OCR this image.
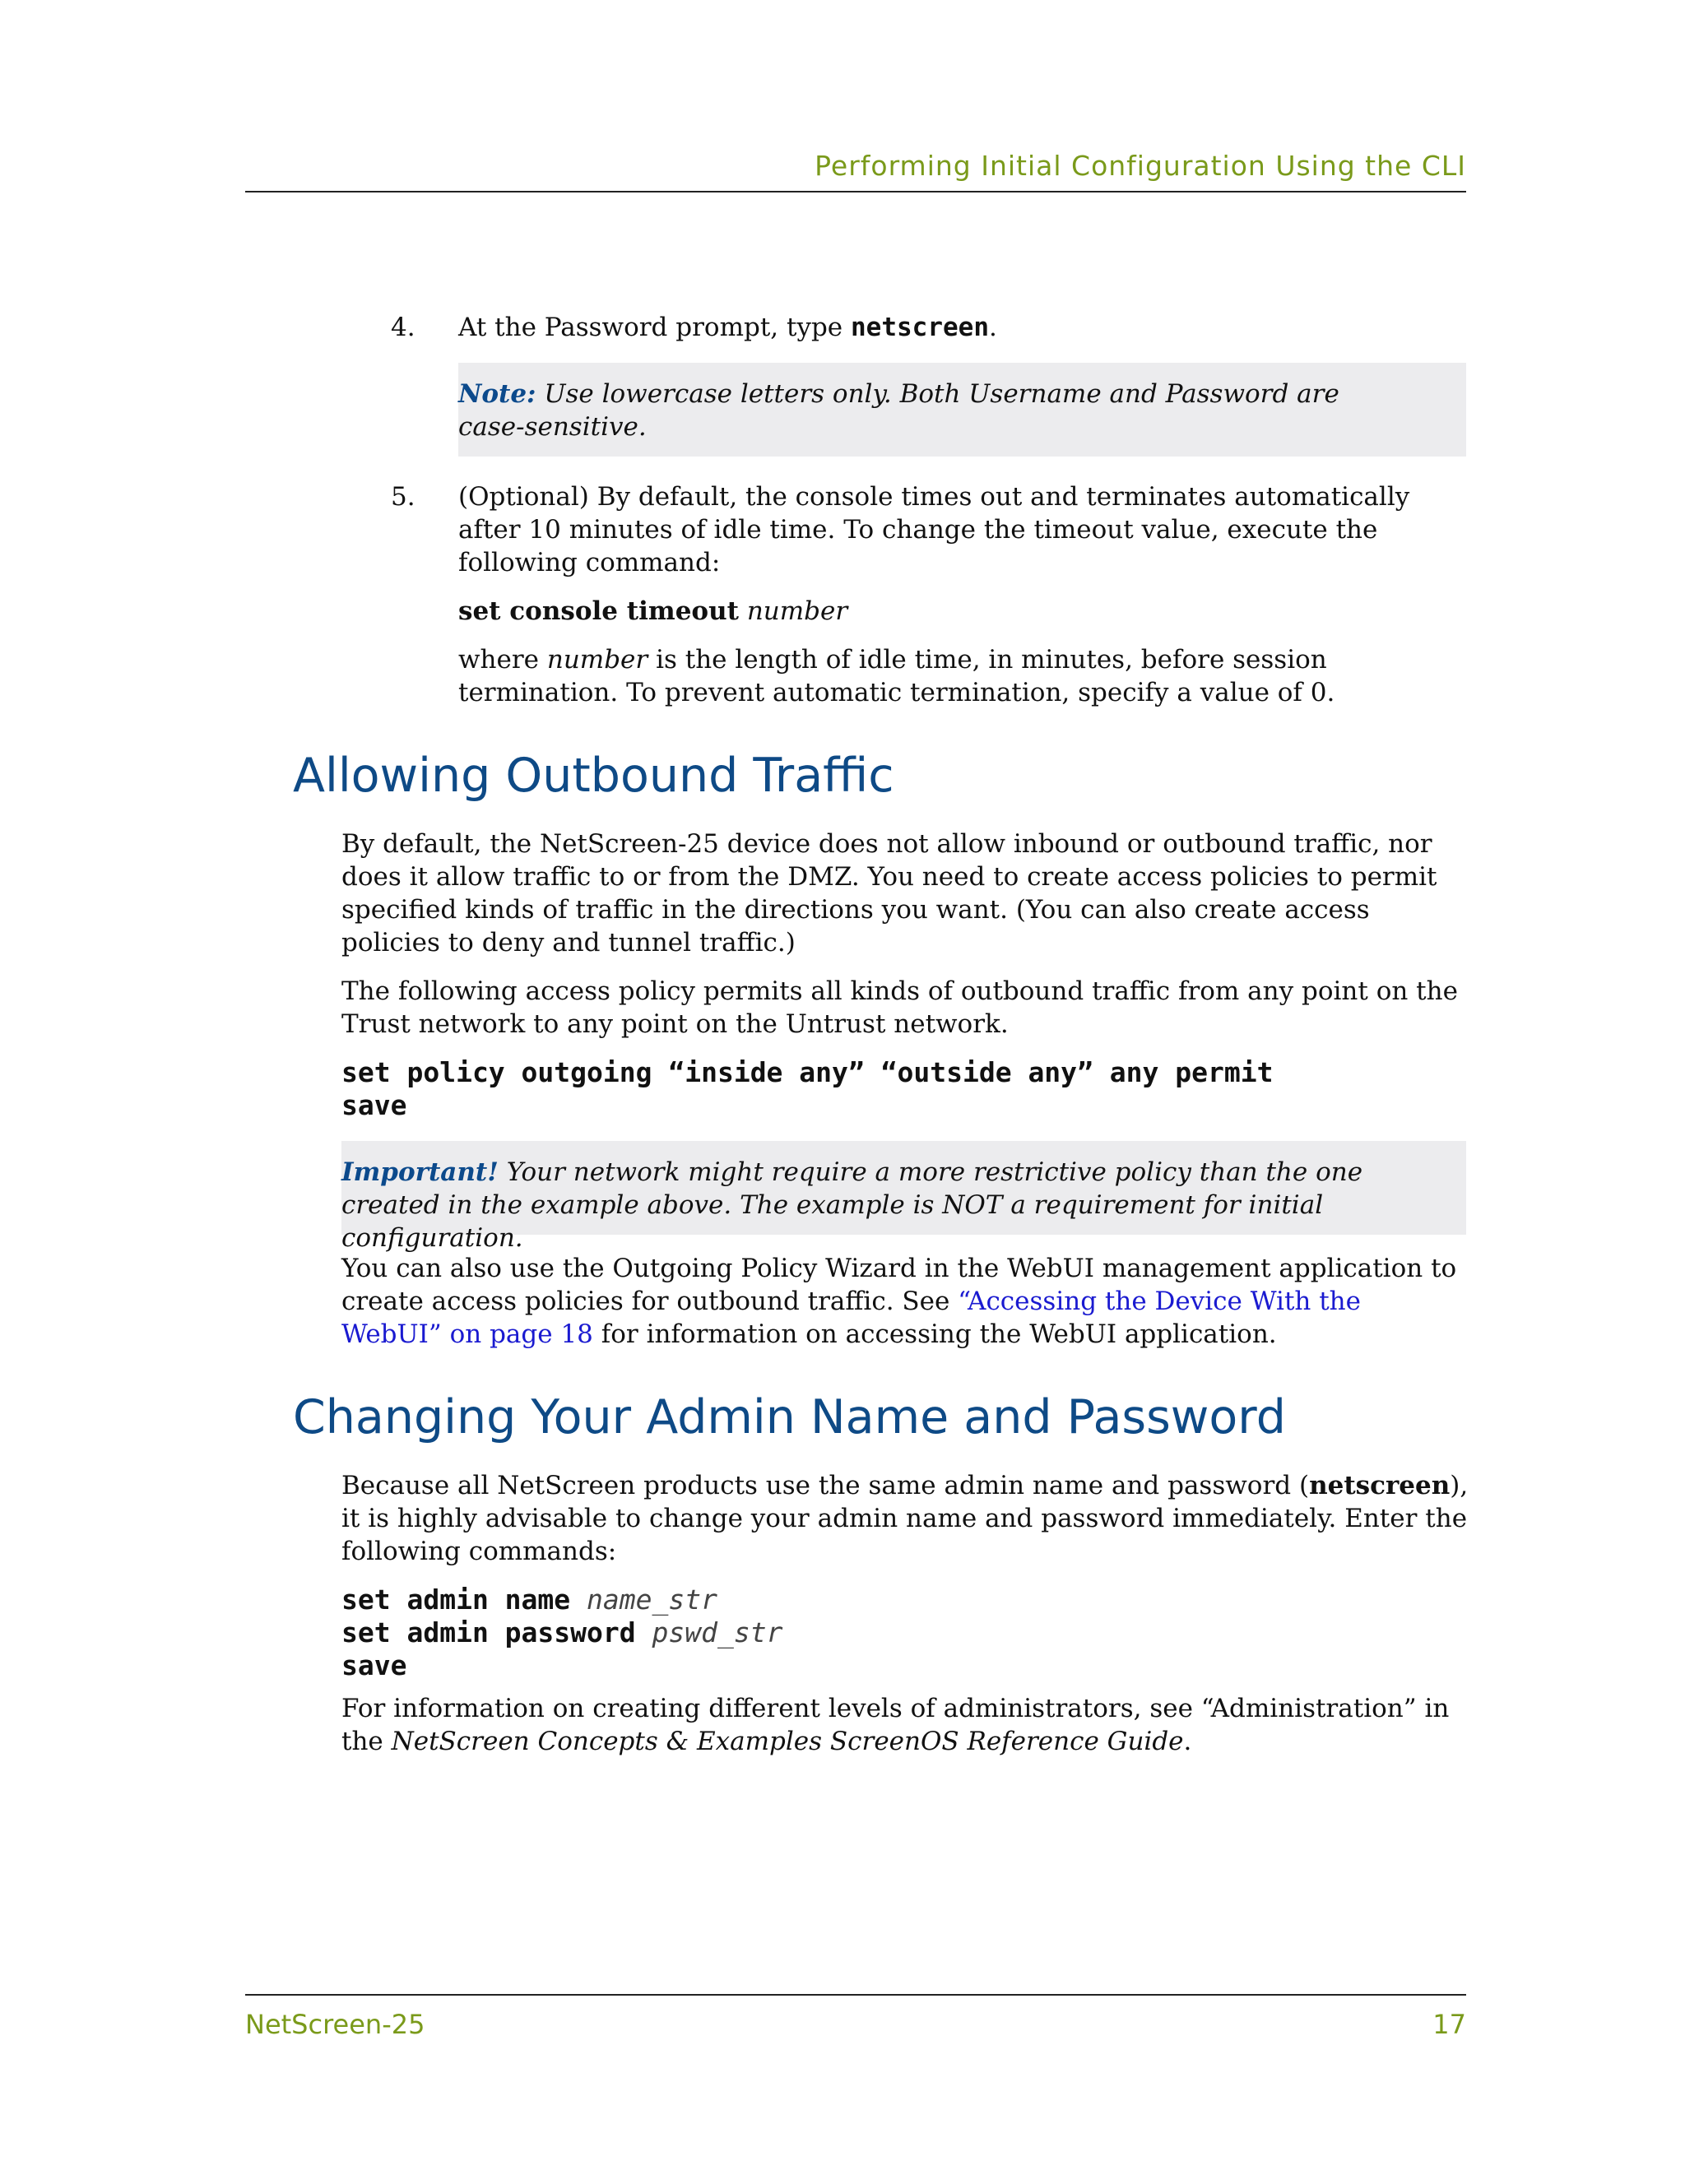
Performing Initial Configuration Using the CLI
4. At the Password prompt, type netscreen.

Note: Use lowercase letters only. Both Username and Password are case-sensitive.

5. (Optional) By default, the console times out and terminates automatically after 10 minutes of idle time. To change the timeout value, execute the following command:

set console timeout number

where number is the length of idle time, in minutes, before session termination. To prevent automatic termination, specify a value of 0.

Allowing Outbound Traffic

By default, the NetScreen-25 device does not allow inbound or outbound traffic, nor does it allow traffic to or from the DMZ. You need to create access policies to permit specified kinds of traffic in the directions you want. (You can also create access policies to deny and tunnel traffic.)

The following access policy permits all kinds of outbound traffic from any point on the Trust network to any point on the Untrust network.

set policy outgoing “inside any” “outside any” any permit
save

Important! Your network might require a more restrictive policy than the one created in the example above. The example is NOT a requirement for initial configuration.

You can also use the Outgoing Policy Wizard in the WebUI management application to create access policies for outbound traffic. See “Accessing the Device With the WebUI” on page 18 for information on accessing the WebUI application.

Changing Your Admin Name and Password

Because all NetScreen products use the same admin name and password (netscreen), it is highly advisable to change your admin name and password immediately. Enter the following commands:

set admin name name_str
set admin password pswd_str
save

For information on creating different levels of administrators, see “Administration” in the NetScreen Concepts & Examples ScreenOS Reference Guide.

NetScreen-25	17
